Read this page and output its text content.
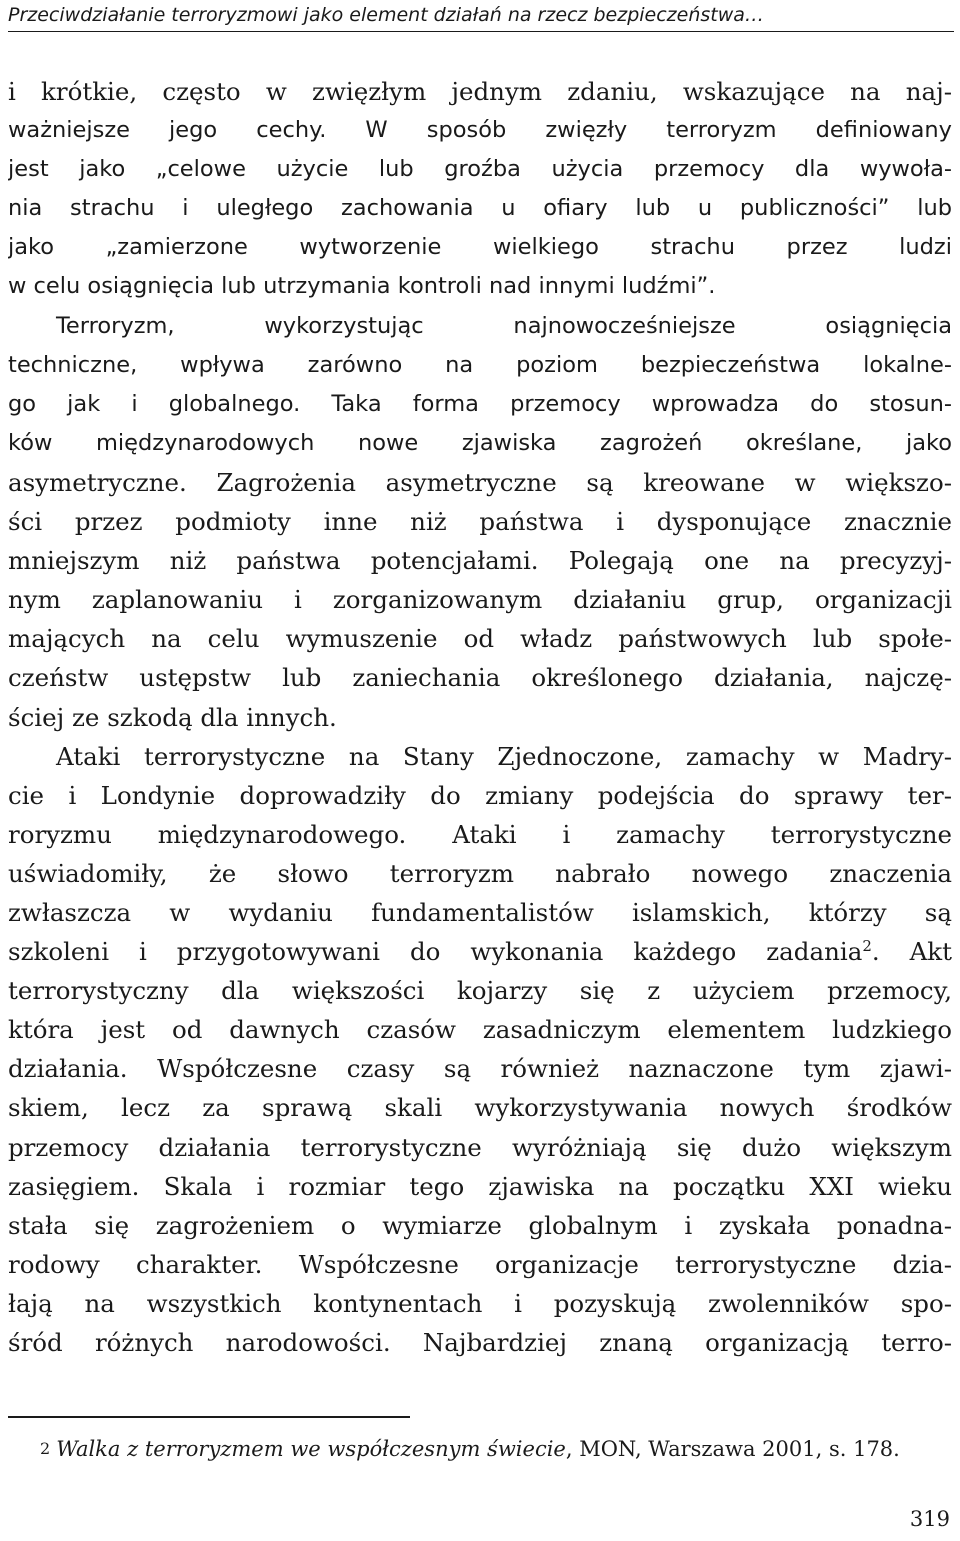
Przeciwdziałanie terroryzmowi jako element działań na rzecz bezpieczeństwa…
i krótkie, często w zwięzłym jednym zdaniu, wskazujące na naj-
ważniejsze jego cechy. W sposób zwięzły terroryzm definiowany
jest jako „celowe użycie lub groźba użycia przemocy dla wywoła-
nia strachu i uległego zachowania u ofiary lub u publiczności” lub
jako „zamierzone wytworzenie wielkiego strachu przez ludzi
w celu osiągnięcia lub utrzymania kontroli nad innymi ludźmi”.
Terroryzm, wykorzystując najnowocześniejsze osiągnięcia
techniczne, wpływa zarówno na poziom bezpieczeństwa lokalne-
go jak i globalnego. Taka forma przemocy wprowadza do stosun-
ków międzynarodowych nowe zjawiska zagrożeń określane, jako
asymetryczne. Zagrożenia asymetryczne są kreowane w większo-
ści przez podmioty inne niż państwa i dysponujące znacznie
mniejszym niż państwa potencjałami. Polegają one na precyzyj-
nym zaplanowaniu i zorganizowanym działaniu grup, organizacji
mających na celu wymuszenie od władz państwowych lub społe-
czeństw ustępstw lub zaniechania określonego działania, najczę-
ściej ze szkodą dla innych.
Ataki terrorystyczne na Stany Zjednoczone, zamachy w Madry-
cie i Londynie doprowadziły do zmiany podejścia do sprawy ter-
roryzmu międzynarodowego. Ataki i zamachy terrorystyczne
uświadomiły, że słowo terroryzm nabrało nowego znaczenia
zwłaszcza w wydaniu fundamentalistów islamskich, którzy są
szkoleni i przygotowywani do wykonania każdego zadania$^2$. Akt
terrorystyczny dla większości kojarzy się z użyciem przemocy,
która jest od dawnych czasów zasadniczym elementem ludzkiego
działania. Współczesne czasy są również naznaczone tym zjawi-
skiem, lecz za sprawą skali wykorzystywania nowych środków
przemocy działania terrorystyczne wyróżniają się dużo większym
zasięgiem. Skala i rozmiar tego zjawiska na początku XXI wieku
stała się zagrożeniem o wymiarze globalnym i zyskała ponadna-
rodowy charakter. Współczesne organizacje terrorystyczne dzia-
łają na wszystkich kontynentach i pozyskują zwolenników spo-
śród różnych narodowości. Najbardziej znaną organizacją terro-
2 Walka z terroryzmem we współczesnym świecie, MON, Warszawa 2001, s. 178.
319
